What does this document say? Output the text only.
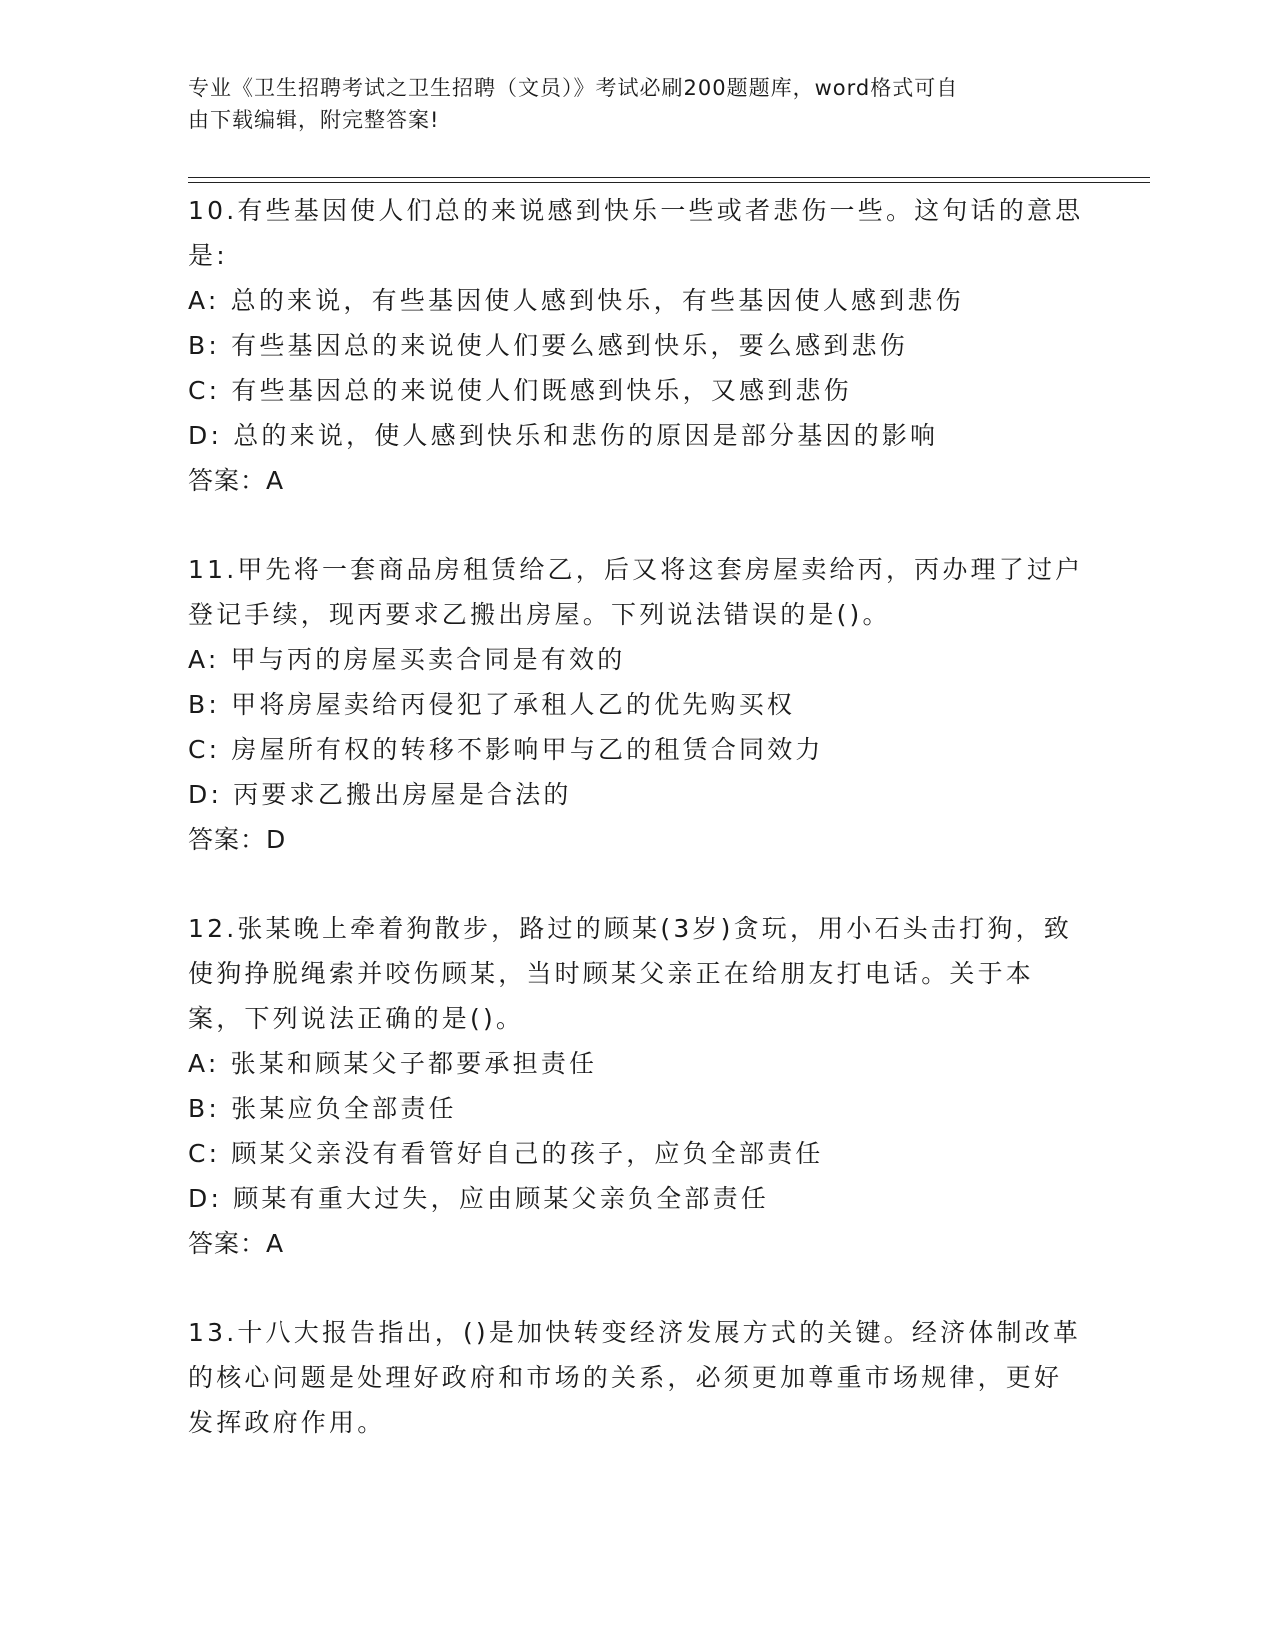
专业《卫生招聘考试之卫生招聘（文员）》考试必刷200题题库，word格式可自
由下载编辑，附完整答案!
10.有些基因使人们总的来说感到快乐一些或者悲伤一些。这句话的意思是:
A: 总的来说，有些基因使人感到快乐，有些基因使人感到悲伤
B: 有些基因总的来说使人们要么感到快乐，要么感到悲伤
C: 有些基因总的来说使人们既感到快乐，又感到悲伤
D: 总的来说，使人感到快乐和悲伤的原因是部分基因的影响
答案：A
11.甲先将一套商品房租赁给乙，后又将这套房屋卖给丙，丙办理了过户登记手续，现丙要求乙搬出房屋。下列说法错误的是()。
A: 甲与丙的房屋买卖合同是有效的
B: 甲将房屋卖给丙侵犯了承租人乙的优先购买权
C: 房屋所有权的转移不影响甲与乙的租赁合同效力
D: 丙要求乙搬出房屋是合法的
答案：D
12.张某晚上牵着狗散步，路过的顾某(3岁)贪玩，用小石头击打狗，致使狗挣脱绳索并咬伤顾某，当时顾某父亲正在给朋友打电话。关于本案，下列说法正确的是()。
A: 张某和顾某父子都要承担责任
B: 张某应负全部责任
C: 顾某父亲没有看管好自己的孩子，应负全部责任
D: 顾某有重大过失，应由顾某父亲负全部责任
答案：A
13.十八大报告指出，()是加快转变经济发展方式的关键。经济体制改革的核心问题是处理好政府和市场的关系，必须更加尊重市场规律，更好发挥政府作用。
